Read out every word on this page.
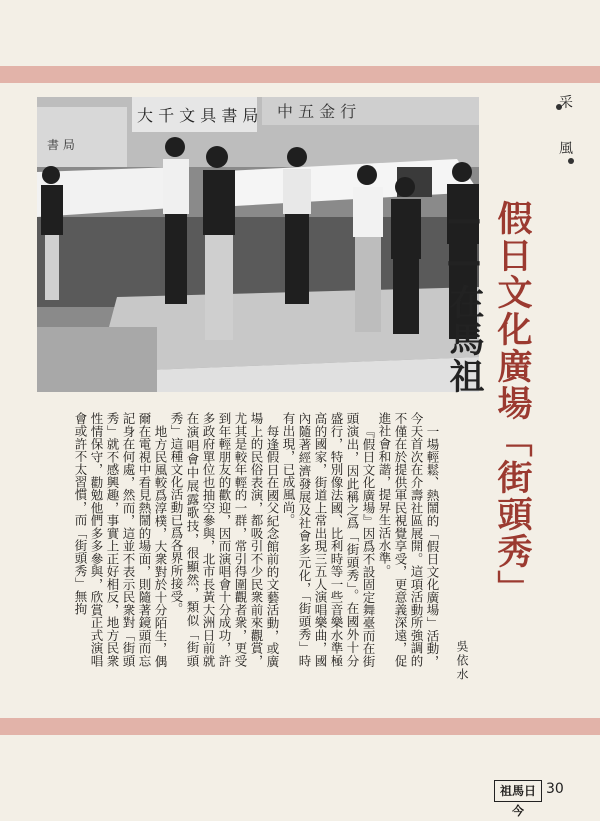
采
風
書 局
大 千 文 具 書 局 中 五 金 行
假日文化廣場「街頭秀」——在馬祖
吳依水

一場輕鬆、熱鬧的「假日文化廣場」活動，今天首次在介壽社區展開。這項活動所強調的不僅在於提供軍民視覺享受，更意義深遠，促進社會和諧，提昇生活水準。

『假日文化廣場』因爲不設固定舞臺而在街頭演出，因此稱之爲「街頭秀」。在國外十分盛行，特別像法國、比利時等一些音樂水準極高的國家，街道上常出現三五人演唱樂曲，國內隨著經濟發展及社會多元化，「街頭秀」時有出現，已成風尚。

每逢假日在國父紀念館前的文藝活動，或廣場上的民俗表演，都吸引不少民衆前來觀賞，尤其是較年輕的一群，常引得圍觀者衆，更受到年輕朋友的歡迎，因而演唱會十分成功，許多政府單位也抽空參與，北市長黃大洲日前就在演唱會中展露歌技，很顯然，類似「街頭秀」這種文化活動已爲各界所接受。

地方民風較爲淳樸，大衆對於十分陌生，偶爾在電視中看見熱鬧的場面，則隨著鏡頭而忘記身在何處，然而，這並不表示民衆對「街頭秀」就不感興趣，事實上正好相反，地方民衆性情保守，勸勉他們多多參與，欣賞正式演唱會或許不太習慣，而「街頭秀」無拘

祖馬日今
30
